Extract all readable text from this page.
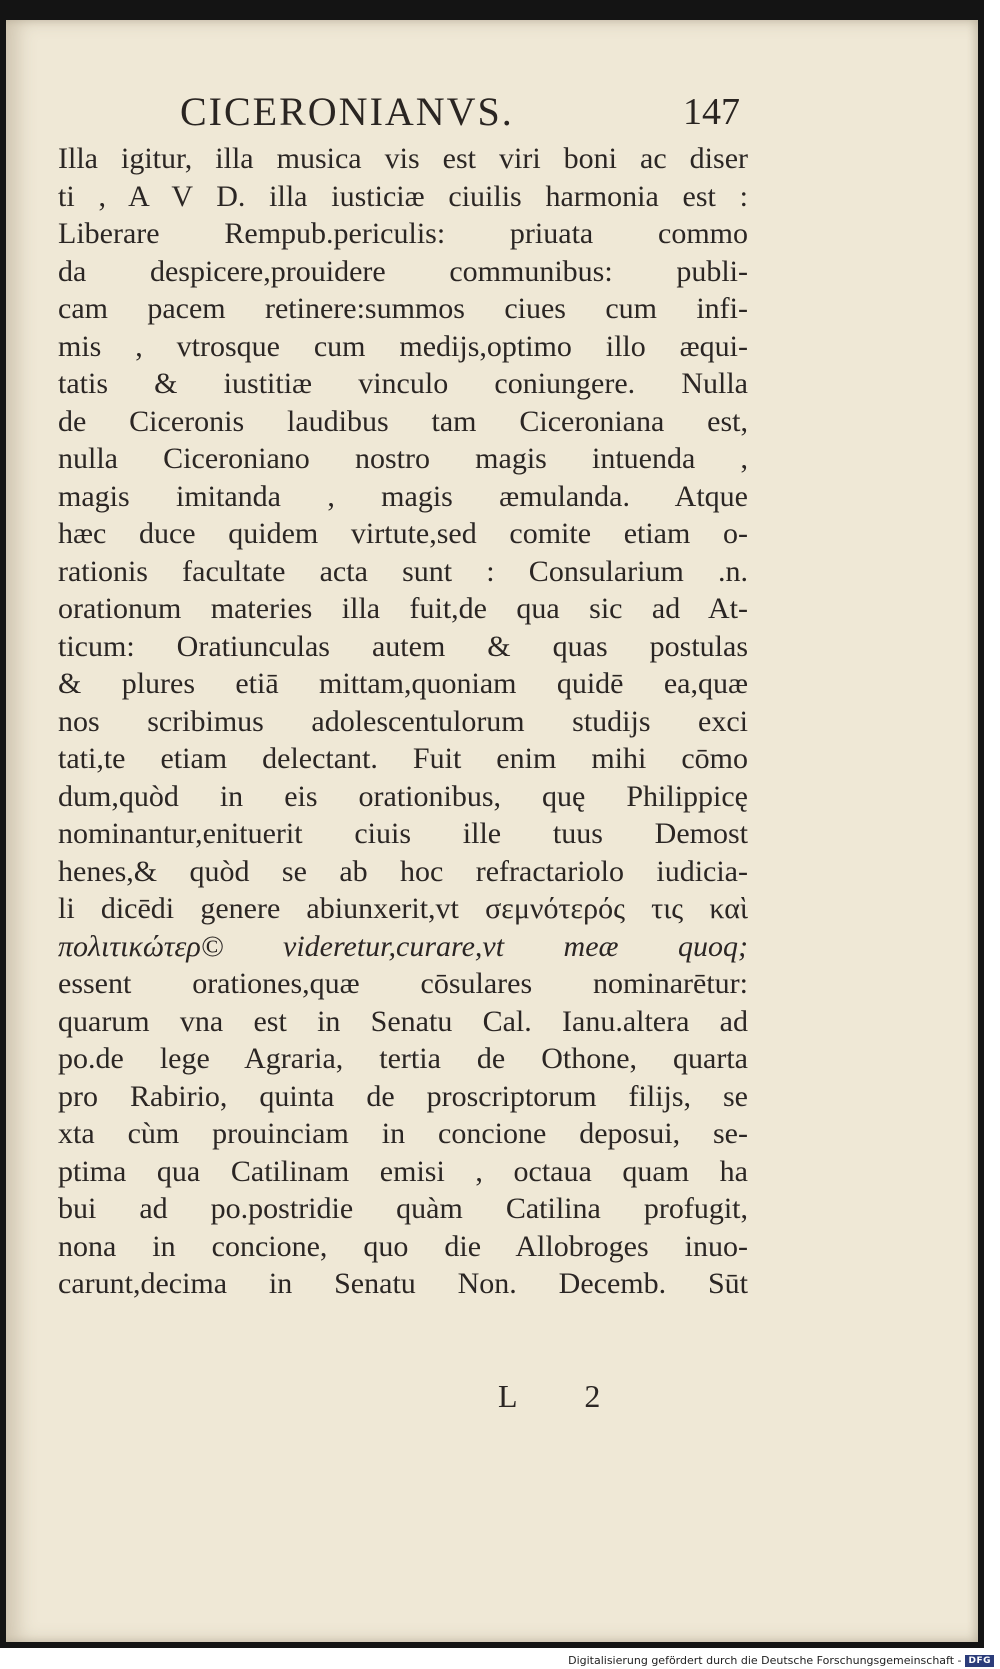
CICERONIANVS.	147
Illa igitur, illa musica vis est viri boni ac diser
ti , A V D. illa iusticiæ ciuilis harmonia est :
Liberare Rempub.periculis: priuata commo
da despicere,prouidere communibus: publi-
cam pacem retinere:summos ciues cum infi-
mis , vtrosque cum medijs,optimo illo æqui-
tatis & iustitiæ vinculo coniungere. Nulla
de Ciceronis laudibus tam Ciceroniana est,
nulla Ciceroniano nostro magis intuenda ,
magis imitanda , magis æmulanda. Atque
hæc duce quidem virtute,sed comite etiam o-
rationis facultate acta sunt : Consularium .n.
orationum materies illa fuit,de qua sic ad At-
ticum: Oratiunculas autem & quas postulas
& plures etiā mittam,quoniam quidē ea,quæ
nos scribimus adolescentulorum studijs exci
tati,te etiam delectant. Fuit enim mihi cōmo
dum,quòd in eis orationibus, quę Philippicę
nominantur,enituerit ciuis ille tuus Demost
henes,& quòd se ab hoc refractariolo iudicia-
li dicēdi genere abiunxerit,vt σεμνότερός τις καὶ
πολιτικώτερ© videretur,curare,vt meæ quoq;
essent orationes,quæ cōsulares nominarētur:
quarum vna est in Senatu Cal. Ianu.altera ad
po.de lege Agraria, tertia de Othone, quarta
pro Rabirio, quinta de proscriptorum filijs, se
xta cùm prouinciam in concione deposui, se-
ptima qua Catilinam emisi , octaua quam ha
bui ad po.postridie quàm Catilina profugit,
nona in concione, quo die Allobroges inuo-
carunt,decima in Senatu Non. Decemb. Sūt
L 2
Digitalisierung gefördert durch die Deutsche Forschungsgemeinschaft - DFG
